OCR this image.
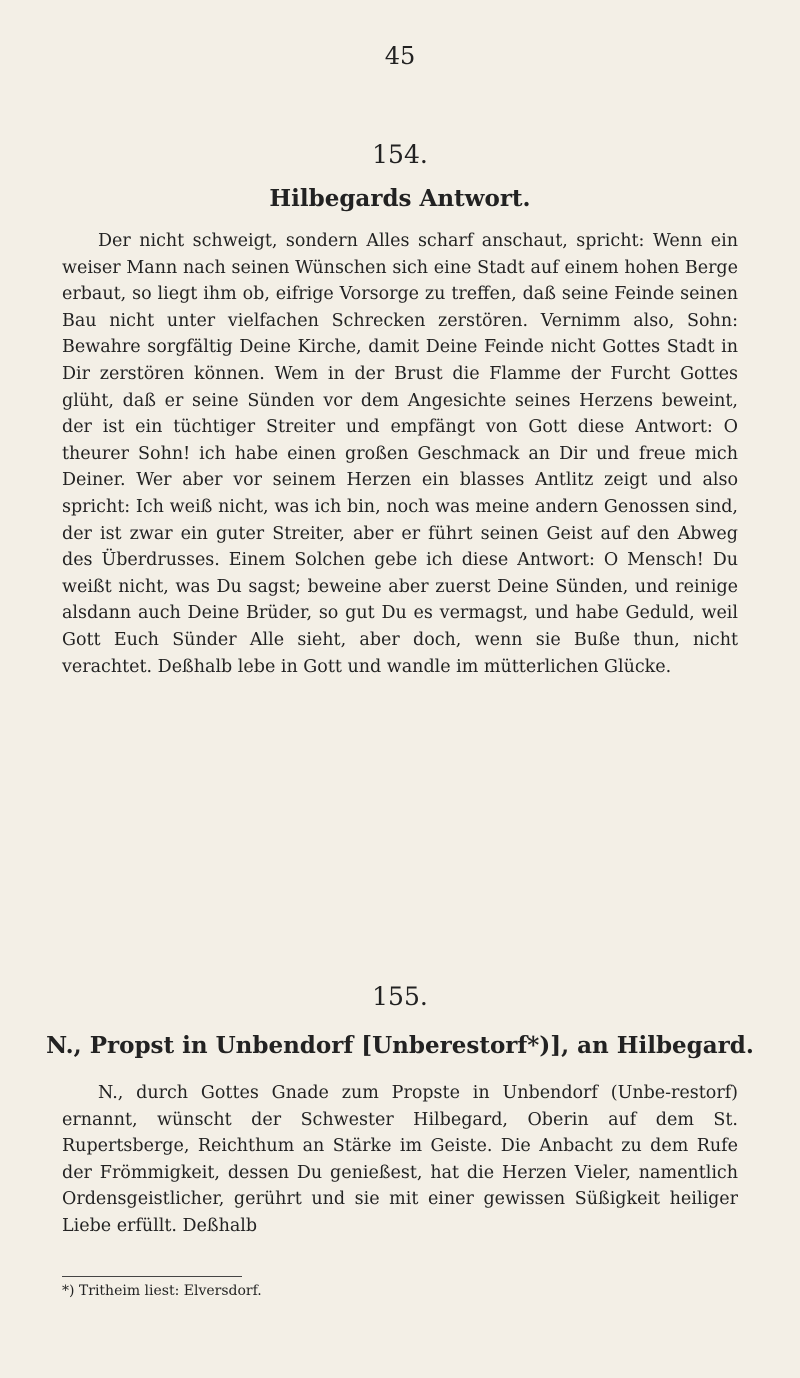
45
154.
Hilbegards Antwort.

Der nicht schweigt, sondern Alles scharf anschaut, spricht: Wenn ein weiser Mann nach seinen Wünschen sich eine Stadt auf einem hohen Berge erbaut, so liegt ihm ob, eifrige Vorsorge zu treffen, daß seine Feinde seinen Bau nicht unter vielfachen Schrecken zerstören. Vernimm also, Sohn: Bewahre sorgfältig Deine Kirche, damit Deine Feinde nicht Gottes Stadt in Dir zerstören können. Wem in der Brust die Flamme der Furcht Gottes glüht, daß er seine Sünden vor dem Angesichte seines Herzens beweint, der ist ein tüchtiger Streiter und empfängt von Gott diese Antwort: O theurer Sohn! ich habe einen großen Geschmack an Dir und freue mich Deiner. Wer aber vor seinem Herzen ein blasses Antlitz zeigt und also spricht: Ich weiß nicht, was ich bin, noch was meine andern Genossen sind, der ist zwar ein guter Streiter, aber er führt seinen Geist auf den Abweg des Überdrusses. Einem Solchen gebe ich diese Antwort: O Mensch! Du weißt nicht, was Du sagst; beweine aber zuerst Deine Sünden, und reinige alsdann auch Deine Brüder, so gut Du es vermagst, und habe Geduld, weil Gott Euch Sünder Alle sieht, aber doch, wenn sie Buße thun, nicht verachtet. Deßhalb lebe in Gott und wandle im mütterlichen Glücke.

155.
N., Propst in Unbendorf [Unberestorf*)], an Hilbegard.

N., durch Gottes Gnade zum Propste in Unbendorf (Unbe-restorf) ernannt, wünscht der Schwester Hilbegard, Oberin auf dem St. Rupertsberge, Reichthum an Stärke im Geiste. Die Anbacht zu dem Rufe der Frömmigkeit, dessen Du genießest, hat die Herzen Vieler, namentlich Ordensgeistlicher, gerührt und sie mit einer gewissen Süßigkeit heiliger Liebe erfüllt. Deßhalb

*) Tritheim liest: Elversdorf.
